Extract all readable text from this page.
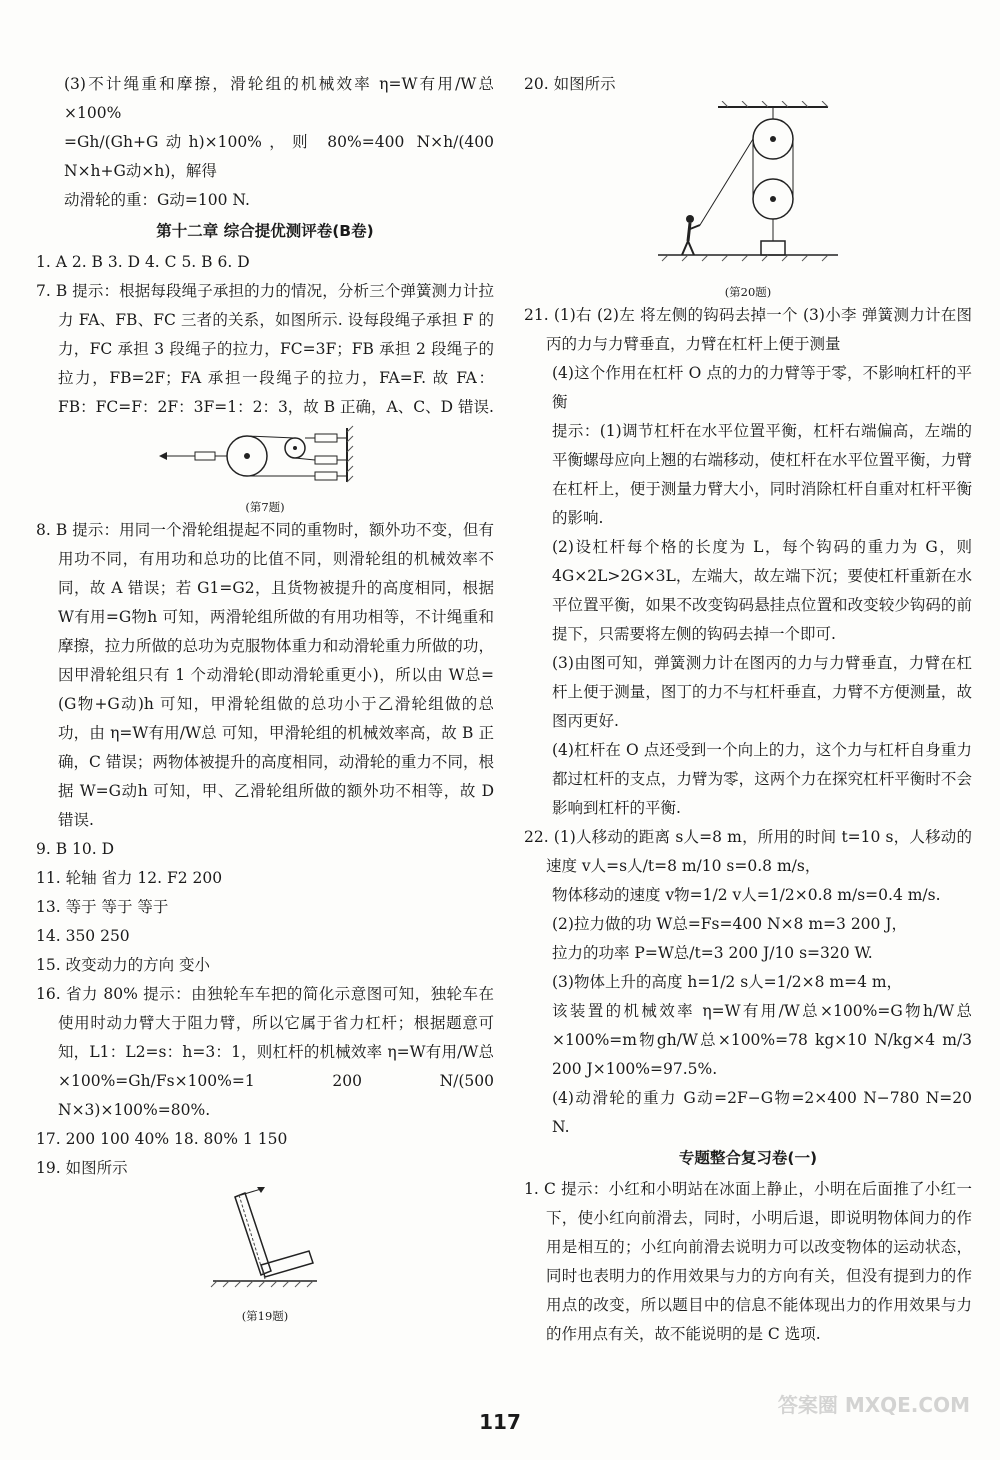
(3)不计绳重和摩擦，滑轮组的机械效率 η=W有用/W总×100%

=Gh/(Gh+G动h)×100%，则 80%=400 N×h/(400 N×h+G动×h)，解得

动滑轮的重：G动=100 N.

第十二章 综合提优测评卷(B卷)

1. A 2. B 3. D 4. C 5. B 6. D

7. B 提示：根据每段绳子承担的力的情况，分析三个弹簧测力计拉力 FA、FB、FC 三者的关系，如图所示. 设每段绳子承担 F 的力，FC 承担 3 段绳子的拉力，FC=3F；FB 承担 2 段绳子的拉力，FB=2F；FA 承担一段绳子的拉力，FA=F. 故 FA：FB：FC=F：2F：3F=1：2：3，故 B 正确，A、C、D 错误.

(第7题)

8. B 提示：用同一个滑轮组提起不同的重物时，额外功不变，但有用功不同，有用功和总功的比值不同，则滑轮组的机械效率不同，故 A 错误；若 G1=G2，且货物被提升的高度相同，根据 W有用=G物h 可知，两滑轮组所做的有用功相等，不计绳重和摩擦，拉力所做的总功为克服物体重力和动滑轮重力所做的功，因甲滑轮组只有 1 个动滑轮(即动滑轮重更小)，所以由 W总=(G物+G动)h 可知，甲滑轮组做的总功小于乙滑轮组做的总功，由 η=W有用/W总 可知，甲滑轮组的机械效率高，故 B 正确，C 错误；两物体被提升的高度相同，动滑轮的重力不同，根据 W=G动h 可知，甲、乙滑轮组所做的额外功不相等，故 D 错误.

9. B 10. D

11. 轮轴 省力 12. F2 200

13. 等于 等于 等于

14. 350 250

15. 改变动力的方向 变小

16. 省力 80% 提示：由独轮车车把的简化示意图可知，独轮车在使用时动力臂大于阻力臂，所以它属于省力杠杆；根据题意可知，L1：L2=s：h=3：1，则杠杆的机械效率 η=W有用/W总×100%=Gh/Fs×100%=1 200 N/(500 N×3)×100%=80%.

17. 200 100 40% 18. 80% 1 150

19. 如图所示

(第19题)

20. 如图所示

(第20题)

21. (1)右 (2)左 将左侧的钩码去掉一个 (3)小李 弹簧测力计在图丙的力与力臂垂直，力臂在杠杆上便于测量

(4)这个作用在杠杆 O 点的力的力臂等于零，不影响杠杆的平衡

提示：(1)调节杠杆在水平位置平衡，杠杆右端偏高，左端的平衡螺母应向上翘的右端移动，使杠杆在水平位置平衡，力臂在杠杆上，便于测量力臂大小，同时消除杠杆自重对杠杆平衡的影响.

(2)设杠杆每个格的长度为 L，每个钩码的重力为 G，则 4G×2L>2G×3L，左端大，故左端下沉；要使杠杆重新在水平位置平衡，如果不改变钩码悬挂点位置和改变较少钩码的前提下，只需要将左侧的钩码去掉一个即可.

(3)由图可知，弹簧测力计在图丙的力与力臂垂直，力臂在杠杆上便于测量，图丁的力不与杠杆垂直，力臂不方便测量，故图丙更好.

(4)杠杆在 O 点还受到一个向上的力，这个力与杠杆自身重力都过杠杆的支点，力臂为零，这两个力在探究杠杆平衡时不会影响到杠杆的平衡.

22. (1)人移动的距离 s人=8 m，所用的时间 t=10 s，人移动的速度 v人=s人/t=8 m/10 s=0.8 m/s，

物体移动的速度 v物=1/2 v人=1/2×0.8 m/s=0.4 m/s.

(2)拉力做的功 W总=Fs=400 N×8 m=3 200 J，

拉力的功率 P=W总/t=3 200 J/10 s=320 W.

(3)物体上升的高度 h=1/2 s人=1/2×8 m=4 m，

该装置的机械效率 η=W有用/W总×100%=G物h/W总×100%=m物gh/W总×100%=78 kg×10 N/kg×4 m/3 200 J×100%=97.5%.

(4)动滑轮的重力 G动=2F−G物=2×400 N−780 N=20 N.

专题整合复习卷(一)

1. C 提示：小红和小明站在冰面上静止，小明在后面推了小红一下，使小红向前滑去，同时，小明后退，即说明物体间力的作用是相互的；小红向前滑去说明力可以改变物体的运动状态，同时也表明力的作用效果与力的方向有关，但没有提到力的作用点的改变，所以题目中的信息不能体现出力的作用效果与力的作用点有关，故不能说明的是 C 选项.

117
答案圈 MXQE.COM
